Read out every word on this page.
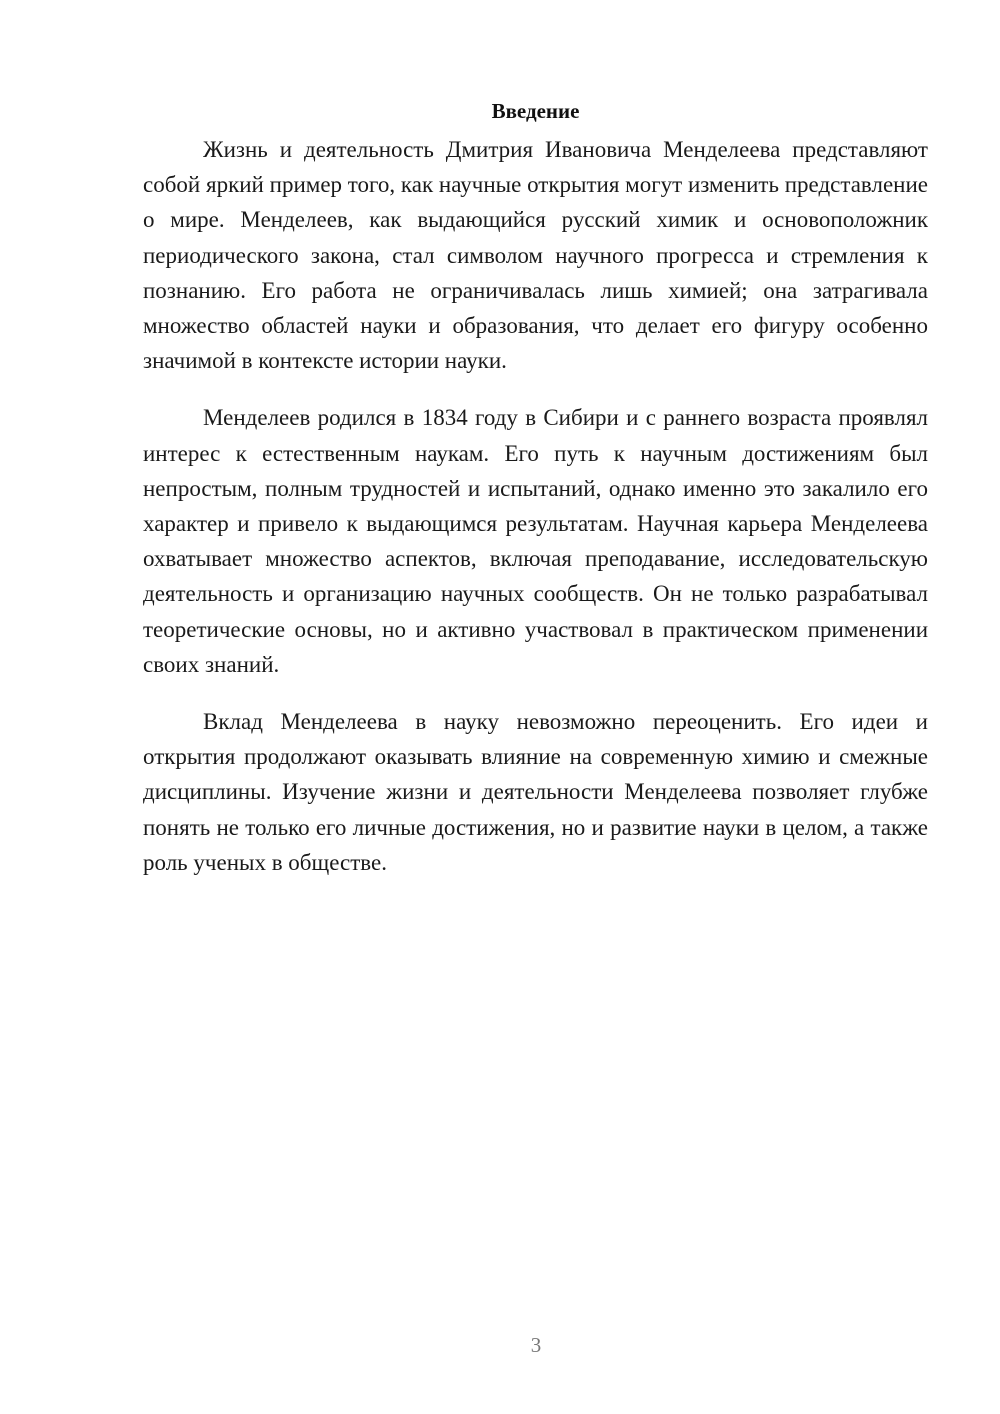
Введение

Жизнь и деятельность Дмитрия Ивановича Менделеева представляют собой яркий пример того, как научные открытия могут изменить представление о мире. Менделеев, как выдающийся русский химик и основоположник периодического закона, стал символом научного прогресса и стремления к познанию. Его работа не ограничивалась лишь химией; она затрагивала множество областей науки и образования, что делает его фигуру особенно значимой в контексте истории науки.

Менделеев родился в 1834 году в Сибири и с раннего возраста проявлял интерес к естественным наукам. Его путь к научным достижениям был непростым, полным трудностей и испытаний, однако именно это закалило его характер и привело к выдающимся результатам. Научная карьера Менделеева охватывает множество аспектов, включая преподавание, исследовательскую деятельность и организацию научных сообществ. Он не только разрабатывал теоретические основы, но и активно участвовал в практическом применении своих знаний.

Вклад Менделеева в науку невозможно переоценить. Его идеи и открытия продолжают оказывать влияние на современную химию и смежные дисциплины. Изучение жизни и деятельности Менделеева позволяет глубже понять не только его личные достижения, но и развитие науки в целом, а также роль ученых в обществе.

3
